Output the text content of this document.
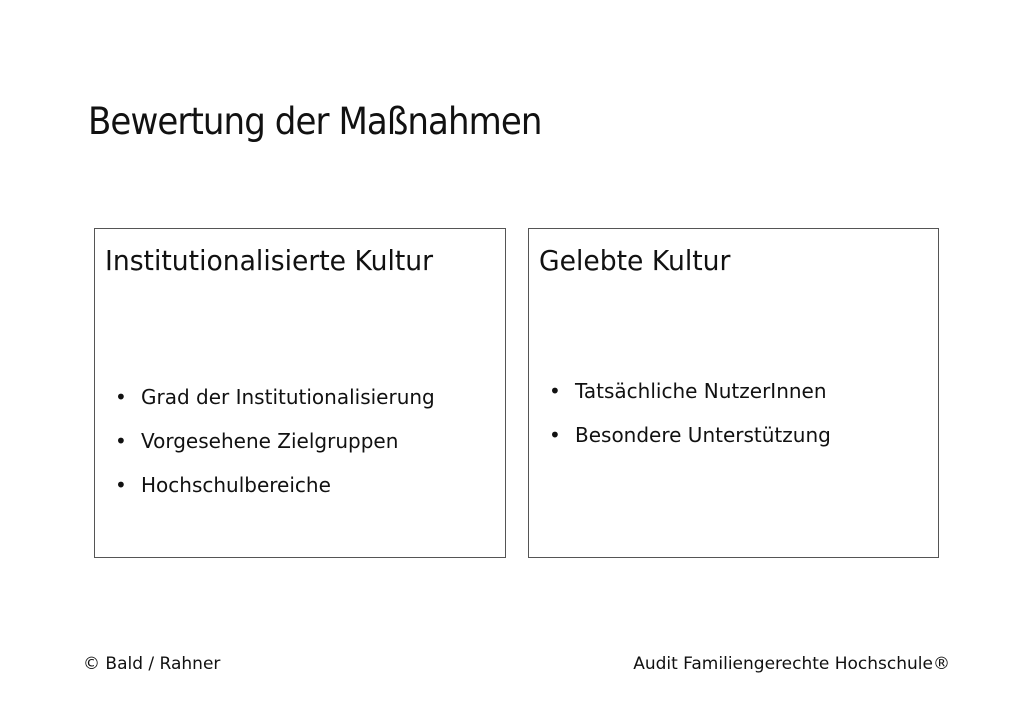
Bewertung der Maßnahmen
Institutionalisierte Kultur
• Grad der Institutionalisierung
• Vorgesehene Zielgruppen
• Hochschulbereiche
Gelebte Kultur
• Tatsächliche NutzerInnen
• Besondere Unterstützung
© Bald / Rahner	Audit Familiengerechte Hochschule®
